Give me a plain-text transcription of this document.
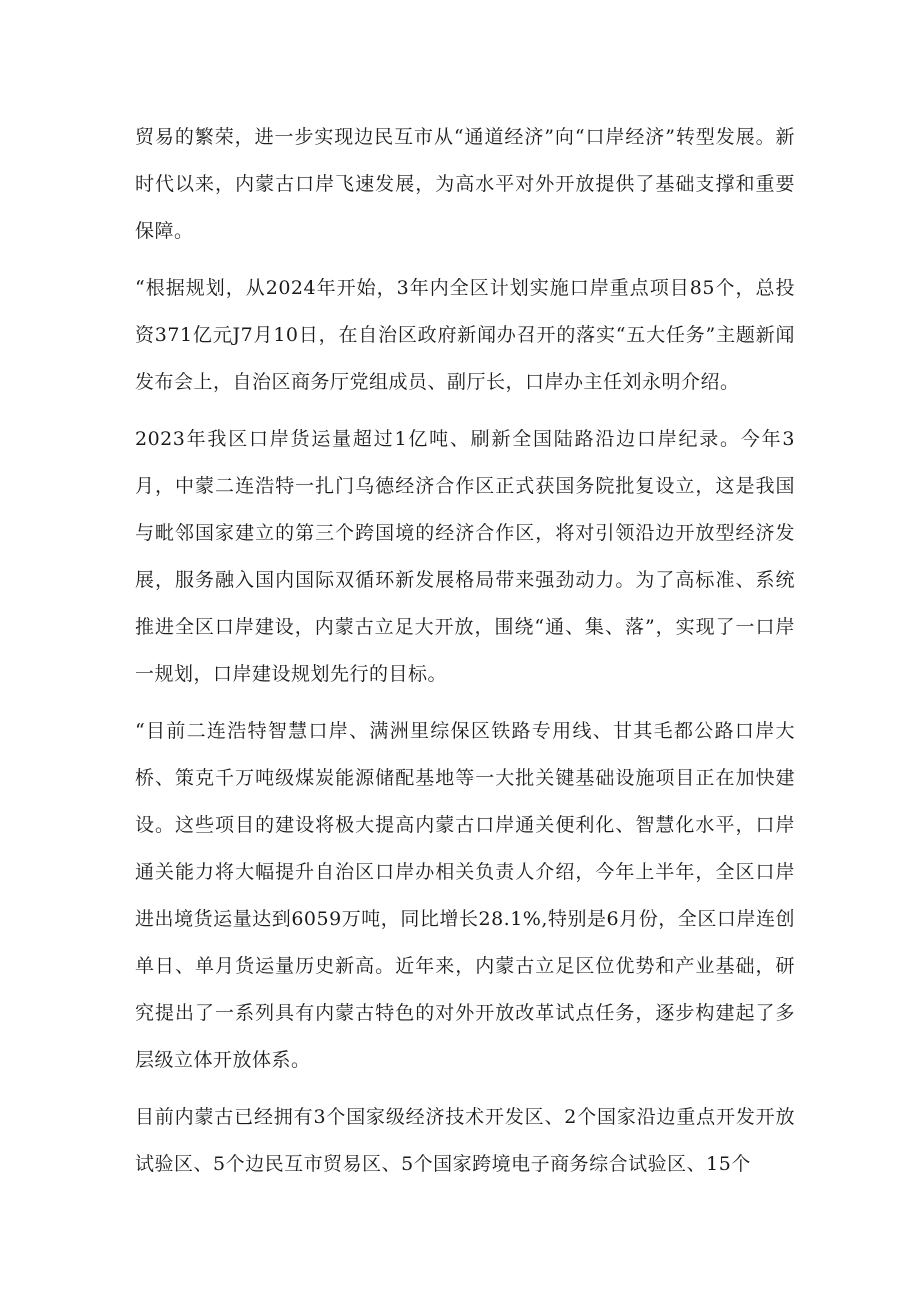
贸易的繁荣，进一步实现边民互市从“通道经济”向“口岸经济”转型发展。新时代以来，内蒙古口岸飞速发展，为高水平对外开放提供了基础支撑和重要保障。

“根据规划，从2024年开始，3年内全区计划实施口岸重点项目85个，总投资371亿元J7月10日，在自治区政府新闻办召开的落实“五大任务”主题新闻发布会上，自治区商务厅党组成员、副厅长，口岸办主任刘永明介绍。

2023年我区口岸货运量超过1亿吨、刷新全国陆路沿边口岸纪录。今年3月，中蒙二连浩特一扎门乌德经济合作区正式获国务院批复设立，这是我国与毗邻国家建立的第三个跨国境的经济合作区，将对引领沿边开放型经济发展，服务融入国内国际双循环新发展格局带来强劲动力。为了高标准、系统推进全区口岸建设，内蒙古立足大开放，围绕“通、集、落”，实现了一口岸一规划，口岸建设规划先行的目标。

“目前二连浩特智慧口岸、满洲里综保区铁路专用线、甘其毛都公路口岸大桥、策克千万吨级煤炭能源储配基地等一大批关键基础设施项目正在加快建设。这些项目的建设将极大提高内蒙古口岸通关便利化、智慧化水平，口岸通关能力将大幅提升自治区口岸办相关负责人介绍，今年上半年，全区口岸进出境货运量达到6059万吨，同比增长28.1%,特别是6月份，全区口岸连创单日、单月货运量历史新高。近年来，内蒙古立足区位优势和产业基础，研究提出了一系列具有内蒙古特色的对外开放改革试点任务，逐步构建起了多层级立体开放体系。

目前内蒙古已经拥有3个国家级经济技术开发区、2个国家沿边重点开发开放试验区、5个边民互市贸易区、5个国家跨境电子商务综合试验区、15个
